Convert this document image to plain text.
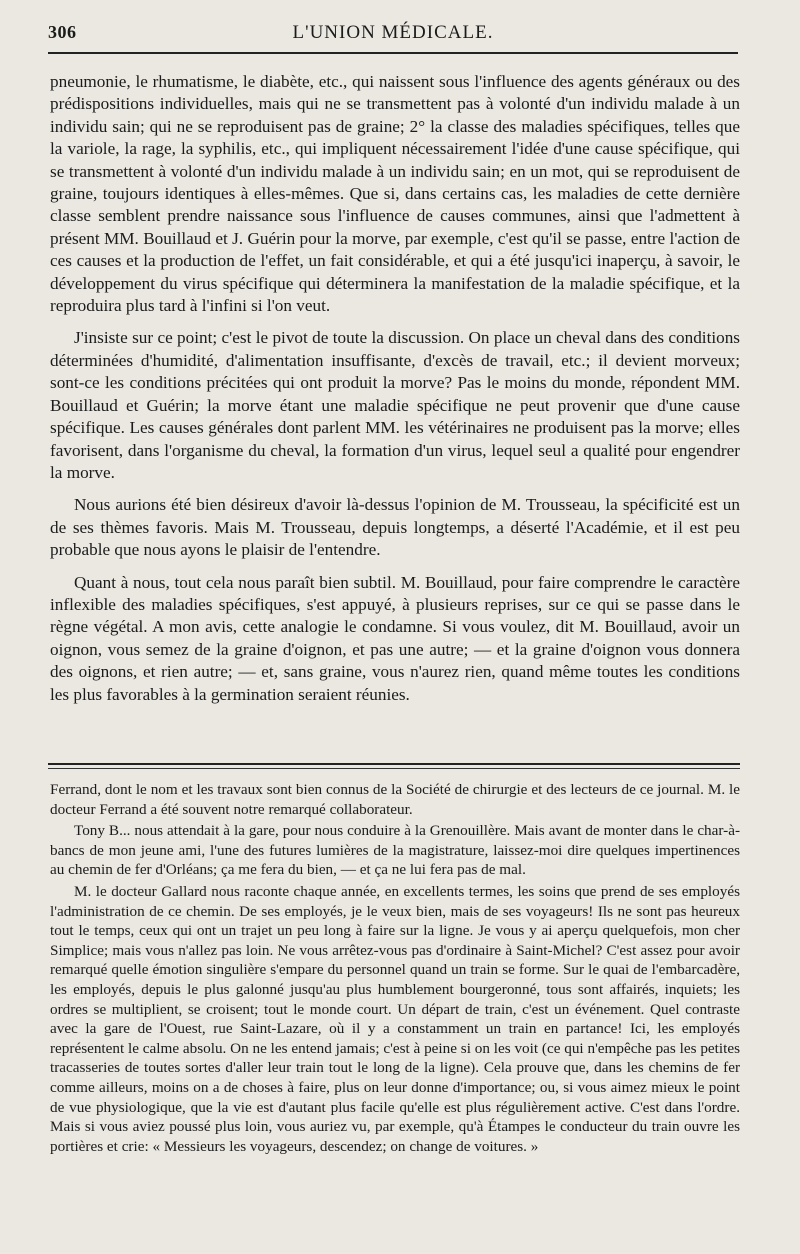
306	L'UNION MÉDICALE.

pneumonie, le rhumatisme, le diabète, etc., qui naissent sous l'influence des agents généraux ou des prédispositions individuelles, mais qui ne se transmettent pas à volonté d'un individu malade à un individu sain; qui ne se reproduisent pas de graine; 2° la classe des maladies spécifiques, telles que la variole, la rage, la syphilis, etc., qui impliquent nécessairement l'idée d'une cause spécifique, qui se transmettent à volonté d'un individu malade à un individu sain; en un mot, qui se reproduisent de graine, toujours identiques à elles-mêmes. Que si, dans certains cas, les maladies de cette dernière classe semblent prendre naissance sous l'influence de causes communes, ainsi que l'admettent à présent MM. Bouillaud et J. Guérin pour la morve, par exemple, c'est qu'il se passe, entre l'action de ces causes et la production de l'effet, un fait considérable, et qui a été jusqu'ici inaperçu, à savoir, le développement du virus spécifique qui déterminera la manifestation de la maladie spécifique, et la reproduira plus tard à l'infini si l'on veut.

J'insiste sur ce point; c'est le pivot de toute la discussion. On place un cheval dans des conditions déterminées d'humidité, d'alimentation insuffisante, d'excès de travail, etc.; il devient morveux; sont-ce les conditions précitées qui ont produit la morve? Pas le moins du monde, répondent MM. Bouillaud et Guérin; la morve étant une maladie spécifique ne peut provenir que d'une cause spécifique. Les causes générales dont parlent MM. les vétérinaires ne produisent pas la morve; elles favorisent, dans l'organisme du cheval, la formation d'un virus, lequel seul a qualité pour engendrer la morve.

Nous aurions été bien désireux d'avoir là-dessus l'opinion de M. Trousseau, la spécificité est un de ses thèmes favoris. Mais M. Trousseau, depuis longtemps, a déserté l'Académie, et il est peu probable que nous ayons le plaisir de l'entendre.

Quant à nous, tout cela nous paraît bien subtil. M. Bouillaud, pour faire comprendre le caractère inflexible des maladies spécifiques, s'est appuyé, à plusieurs reprises, sur ce qui se passe dans le règne végétal. A mon avis, cette analogie le condamne. Si vous voulez, dit M. Bouillaud, avoir un oignon, vous semez de la graine d'oignon, et pas une autre; — et la graine d'oignon vous donnera des oignons, et rien autre; — et, sans graine, vous n'aurez rien, quand même toutes les conditions les plus favorables à la germination seraient réunies.

Ferrand, dont le nom et les travaux sont bien connus de la Société de chirurgie et des lecteurs de ce journal. M. le docteur Ferrand a été souvent notre remarqué collaborateur.

Tony B... nous attendait à la gare, pour nous conduire à la Grenouillère. Mais avant de monter dans le char-à-bancs de mon jeune ami, l'une des futures lumières de la magistrature, laissez-moi dire quelques impertinences au chemin de fer d'Orléans; ça me fera du bien, — et ça ne lui fera pas de mal.

M. le docteur Gallard nous raconte chaque année, en excellents termes, les soins que prend de ses employés l'administration de ce chemin. De ses employés, je le veux bien, mais de ses voyageurs! Ils ne sont pas heureux tout le temps, ceux qui ont un trajet un peu long à faire sur la ligne. Je vous y ai aperçu quelquefois, mon cher Simplice; mais vous n'allez pas loin. Ne vous arrêtez-vous pas d'ordinaire à Saint-Michel? C'est assez pour avoir remarqué quelle émotion singulière s'empare du personnel quand un train se forme. Sur le quai de l'embarcadère, les employés, depuis le plus galonné jusqu'au plus humblement bourgeronné, tous sont affairés, inquiets; les ordres se multiplient, se croisent; tout le monde court. Un départ de train, c'est un événement. Quel contraste avec la gare de l'Ouest, rue Saint-Lazare, où il y a constamment un train en partance! Ici, les employés représentent le calme absolu. On ne les entend jamais; c'est à peine si on les voit (ce qui n'empêche pas les petites tracasseries de toutes sortes d'aller leur train tout le long de la ligne). Cela prouve que, dans les chemins de fer comme ailleurs, moins on a de choses à faire, plus on leur donne d'importance; ou, si vous aimez mieux le point de vue physiologique, que la vie est d'autant plus facile qu'elle est plus régulièrement active. C'est dans l'ordre. Mais si vous aviez poussé plus loin, vous auriez vu, par exemple, qu'à Étampes le conducteur du train ouvre les portières et crie: « Messieurs les voyageurs, descendez; on change de voitures. »
